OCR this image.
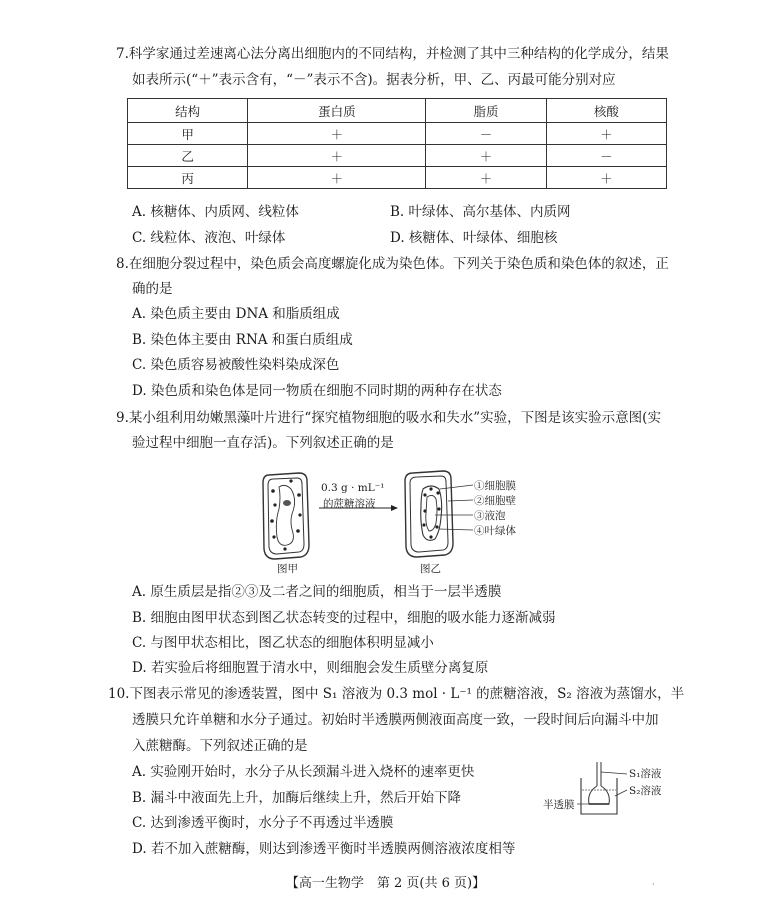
7.科学家通过差速离心法分离出细胞内的不同结构，并检测了其中三种结构的化学成分，结果
如表所示(“＋”表示含有，“－”表示不含)。据表分析，甲、乙、丙最可能分别对应
结构	蛋白质	脂质	核酸
甲	＋	－	＋
乙	＋	＋	－
丙	＋	＋	＋
A. 核糖体、内质网、线粒体	B. 叶绿体、高尔基体、内质网
C. 线粒体、液泡、叶绿体	D. 核糖体、叶绿体、细胞核
8.在细胞分裂过程中，染色质会高度螺旋化成为染色体。下列关于染色质和染色体的叙述，正
确的是
A. 染色质主要由 DNA 和脂质组成
B. 染色体主要由 RNA 和蛋白质组成
C. 染色质容易被酸性染料染成深色
D. 染色质和染色体是同一物质在细胞不同时期的两种存在状态
9.某小组利用幼嫩黑藻叶片进行“探究植物细胞的吸水和失水”实验，下图是该实验示意图(实
验过程中细胞一直存活)。下列叙述正确的是
0.3 g · mL⁻¹
的蔗糖溶液
①细胞膜
②细胞壁
③液泡
④叶绿体
图甲	图乙
A. 原生质层是指②③及二者之间的细胞质，相当于一层半透膜
B. 细胞由图甲状态到图乙状态转变的过程中，细胞的吸水能力逐渐减弱
C. 与图甲状态相比，图乙状态的细胞体积明显减小
D. 若实验后将细胞置于清水中，则细胞会发生质壁分离复原
10.下图表示常见的渗透装置，图中 S₁ 溶液为 0.3 mol · L⁻¹ 的蔗糖溶液，S₂ 溶液为蒸馏水，半
透膜只允许单糖和水分子通过。初始时半透膜两侧液面高度一致，一段时间后向漏斗中加
入蔗糖酶。下列叙述正确的是
A. 实验刚开始时，水分子从长颈漏斗进入烧杯的速率更快
B. 漏斗中液面先上升，加酶后继续上升，然后开始下降
C. 达到渗透平衡时，水分子不再透过半透膜
D. 若不加入蔗糖酶，则达到渗透平衡时半透膜两侧溶液浓度相等
S₁溶液
S₂溶液
半透膜
【高一生物学　第 2 页(共 6 页)】	·
